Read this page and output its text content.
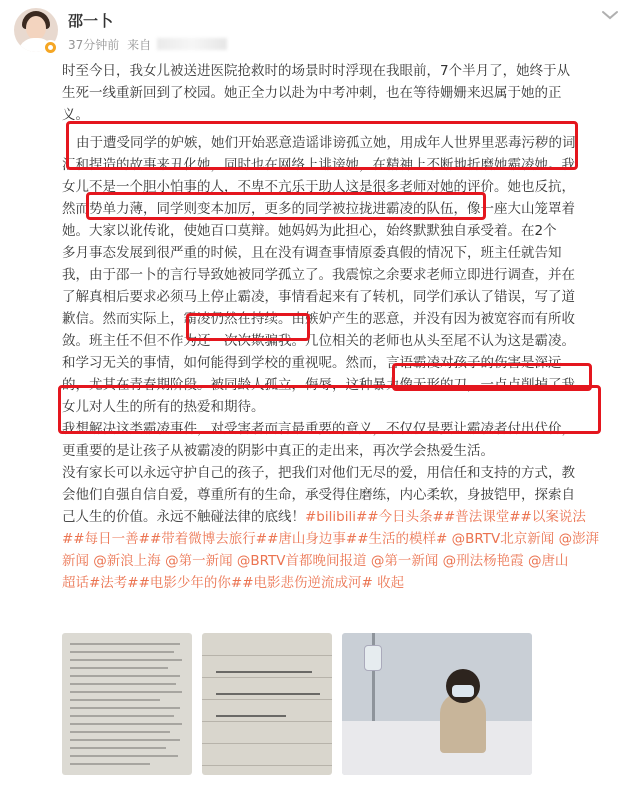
邵一卜
37分钟前 来自
时至今日，我女儿被送进医院抢救时的场景时时浮现在我眼前，7个半月了，她终于从
生死一线重新回到了校园。她正全力以赴为中考冲刺，也在等待姗姗来迟属于她的正
义。
由于遭受同学的妒嫉，她们开始恶意造谣诽谤孤立她，用成年人世界里恶毒污秽的词
汇和捏造的故事来丑化她，同时也在网络上诽谤她，在精神上不断地折磨她霸凌她。我
女儿不是一个胆小怕事的人，不卑不亢乐于助人这是很多老师对她的评价。她也反抗，
然而势单力薄，同学则变本加厉，更多的同学被拉拢进霸凌的队伍，像一座大山笼罩着
她。大家以讹传讹，使她百口莫辩。她妈妈为此担心，始终默默独自承受着。在2个
多月事态发展到很严重的时候，且在没有调查事情原委真假的情况下，班主任就告知
我，由于邵一卜的言行导致她被同学孤立了。我震惊之余要求老师立即进行调查，并在
了解真相后要求必须马上停止霸凌，事情看起来有了转机，同学们承认了错误，写了道
歉信。然而实际上，霸凌仍然在持续。由嫉妒产生的恶意，并没有因为被宽容而有所收
敛。班主任不但不作为还一次次欺骗我。几位相关的老师也从头至尾不认为这是霸凌。
和学习无关的事情，如何能得到学校的重视呢。然而，言语霸凌对孩子的伤害是深远
的，尤其在青春期阶段。被同龄人孤立，侮辱，这种暴力像无形的刀，一点点削掉了我
女儿对人生的所有的热爱和期待。
我想解决这类霸凌事件，对受害者而言最重要的意义，不仅仅是要让霸凌者付出代价，
更重要的是让孩子从被霸凌的阴影中真正的走出来，再次学会热爱生活。
没有家长可以永远守护自己的孩子，把我们对他们无尽的爱，用信任和支持的方式，教
会他们自强自信自爱，尊重所有的生命，承受得住磨练，内心柔软，身披铠甲，探索自
己人生的价值。永远不触碰法律的底线！#bilibili##今日头条##普法课堂##以案说法
##每日一善##带着微博去旅行##唐山身边事##生活的模样# @BRTV北京新闻 @澎湃
新闻 @新浪上海 @第一新闻 @BRTV首都晚间报道 @第一新闻 @刑法杨艳霞 @唐山
超话#法考##电影少年的你##电影悲伤逆流成河# 收起
